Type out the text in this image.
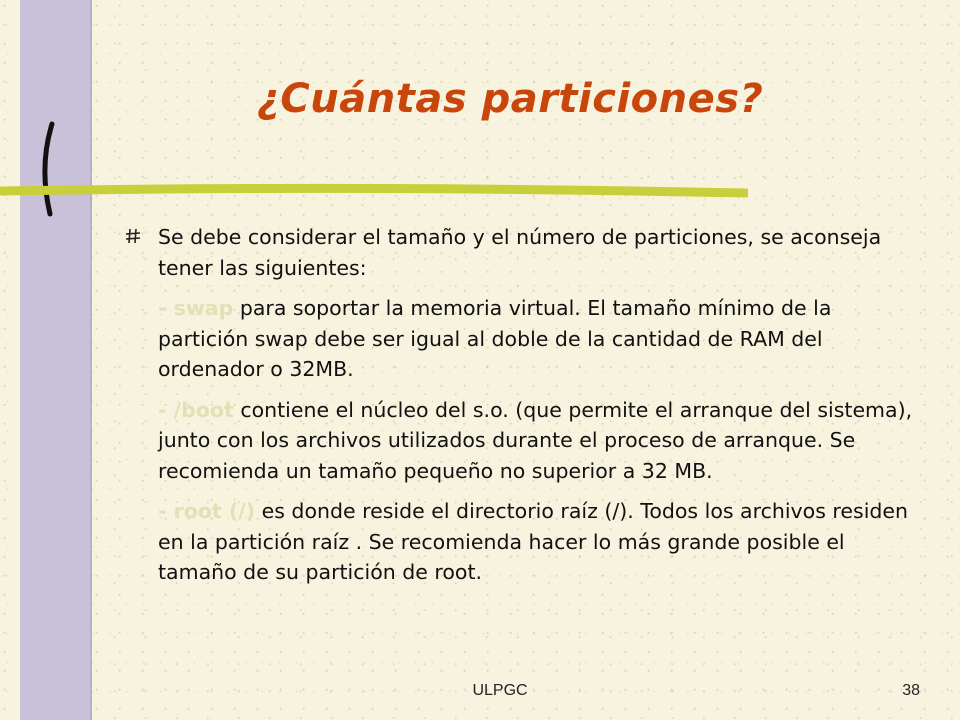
¿Cuántas particiones?

Se debe considerar el tamaño y el número de particiones, se aconseja tener las siguientes:

- swap para soportar la memoria virtual. El tamaño mínimo de la partición swap debe ser igual al doble de la cantidad de RAM del ordenador o 32MB.

- /boot contiene el núcleo del s.o. (que permite el arranque del sistema), junto con los archivos utilizados durante el proceso de arranque. Se recomienda un tamaño pequeño no superior a 32 MB.

- root (/) es donde reside el directorio raíz (/). Todos los archivos residen en la partición raíz . Se recomienda hacer lo más grande posible el tamaño de su partición de root.

ULPGC	38
